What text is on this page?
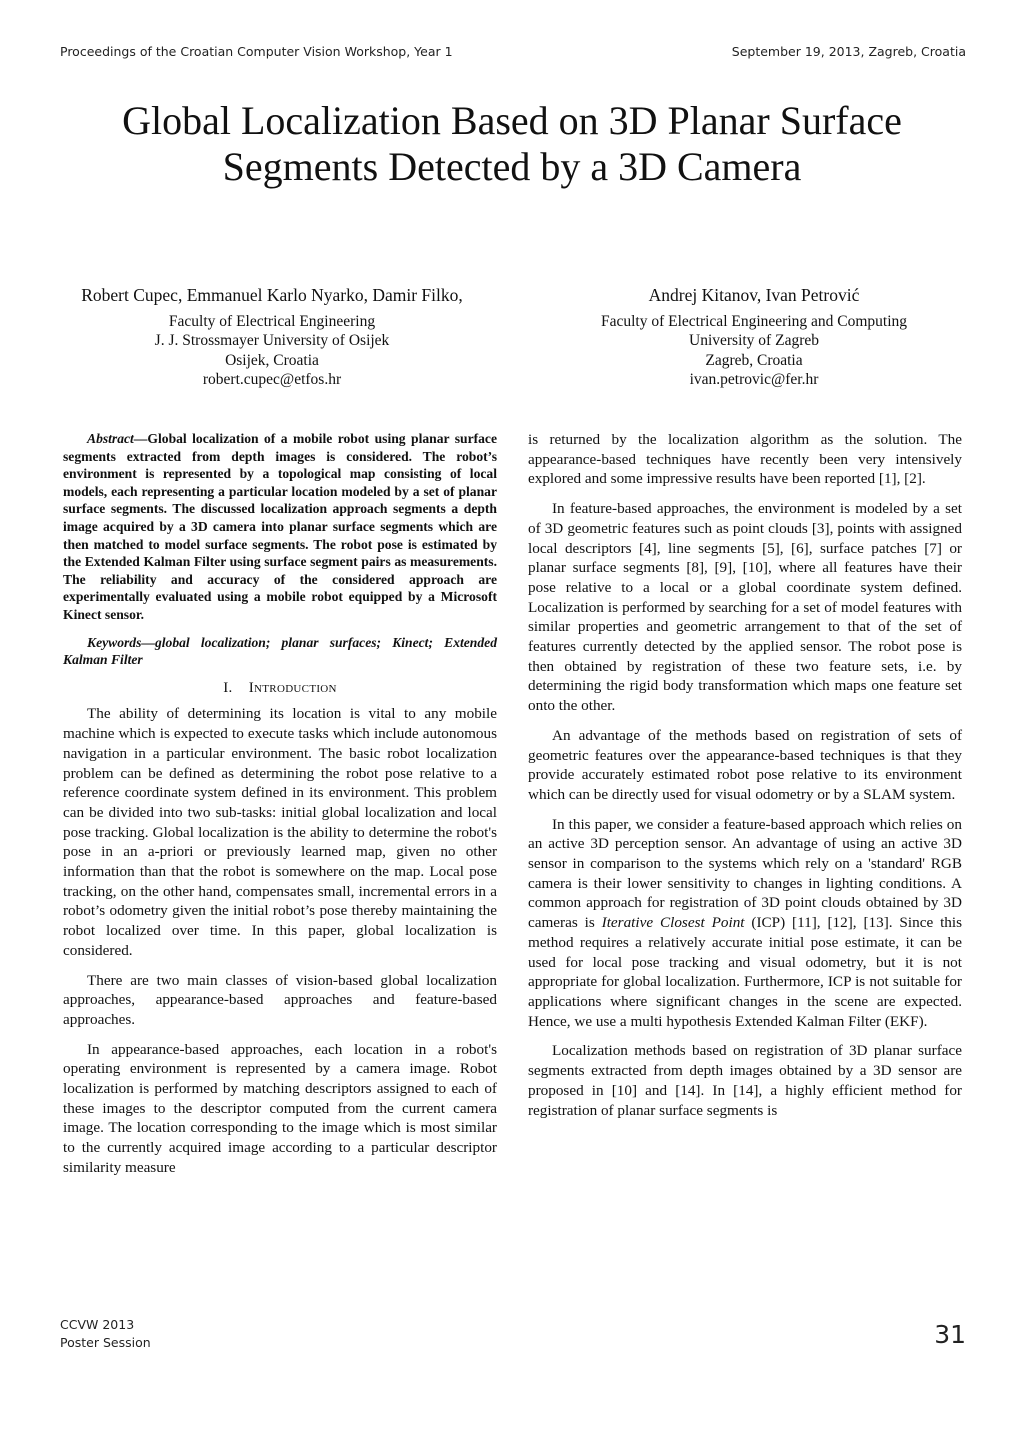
Proceedings of the Croatian Computer Vision Workshop, Year 1	September 19, 2013, Zagreb, Croatia
Global Localization Based on 3D Planar Surface
Segments Detected by a 3D Camera
Robert Cupec, Emmanuel Karlo Nyarko, Damir Filko,
Faculty of Electrical Engineering
J. J. Strossmayer University of Osijek
Osijek, Croatia
robert.cupec@etfos.hr
Andrej Kitanov, Ivan Petrović
Faculty of Electrical Engineering and Computing
University of Zagreb
Zagreb, Croatia
ivan.petrovic@fer.hr

Abstract—Global localization of a mobile robot using planar surface segments extracted from depth images is considered. The robot’s environment is represented by a topological map consisting of local models, each representing a particular location modeled by a set of planar surface segments. The discussed localization approach segments a depth image acquired by a 3D camera into planar surface segments which are then matched to model surface segments. The robot pose is estimated by the Extended Kalman Filter using surface segment pairs as measurements. The reliability and accuracy of the considered approach are experimentally evaluated using a mobile robot equipped by a Microsoft Kinect sensor.

Keywords—global localization; planar surfaces; Kinect; Extended Kalman Filter

I. Introduction

The ability of determining its location is vital to any mobile machine which is expected to execute tasks which include autonomous navigation in a particular environment. The basic robot localization problem can be defined as determining the robot pose relative to a reference coordinate system defined in its environment. This problem can be divided into two sub-tasks: initial global localization and local pose tracking. Global localization is the ability to determine the robot's pose in an a-priori or previously learned map, given no other information than that the robot is somewhere on the map. Local pose tracking, on the other hand, compensates small, incremental errors in a robot’s odometry given the initial robot’s pose thereby maintaining the robot localized over time. In this paper, global localization is considered.

There are two main classes of vision-based global localization approaches, appearance-based approaches and feature-based approaches.

In appearance-based approaches, each location in a robot's operating environment is represented by a camera image. Robot localization is performed by matching descriptors assigned to each of these images to the descriptor computed from the current camera image. The location corresponding to the image which is most similar to the currently acquired image according to a particular descriptor similarity measure

is returned by the localization algorithm as the solution. The appearance-based techniques have recently been very intensively explored and some impressive results have been reported [1], [2].

In feature-based approaches, the environment is modeled by a set of 3D geometric features such as point clouds [3], points with assigned local descriptors [4], line segments [5], [6], surface patches [7] or planar surface segments [8], [9], [10], where all features have their pose relative to a local or a global coordinate system defined. Localization is performed by searching for a set of model features with similar properties and geometric arrangement to that of the set of features currently detected by the applied sensor. The robot pose is then obtained by registration of these two feature sets, i.e. by determining the rigid body transformation which maps one feature set onto the other.

An advantage of the methods based on registration of sets of geometric features over the appearance-based techniques is that they provide accurately estimated robot pose relative to its environment which can be directly used for visual odometry or by a SLAM system.

In this paper, we consider a feature-based approach which relies on an active 3D perception sensor. An advantage of using an active 3D sensor in comparison to the systems which rely on a 'standard' RGB camera is their lower sensitivity to changes in lighting conditions. A common approach for registration of 3D point clouds obtained by 3D cameras is Iterative Closest Point (ICP) [11], [12], [13]. Since this method requires a relatively accurate initial pose estimate, it can be used for local pose tracking and visual odometry, but it is not appropriate for global localization. Furthermore, ICP is not suitable for applications where significant changes in the scene are expected. Hence, we use a multi hypothesis Extended Kalman Filter (EKF).

Localization methods based on registration of 3D planar surface segments extracted from depth images obtained by a 3D sensor are proposed in [10] and [14]. In [14], a highly efficient method for registration of planar surface segments is

CCVW 2013
Poster Session	31
